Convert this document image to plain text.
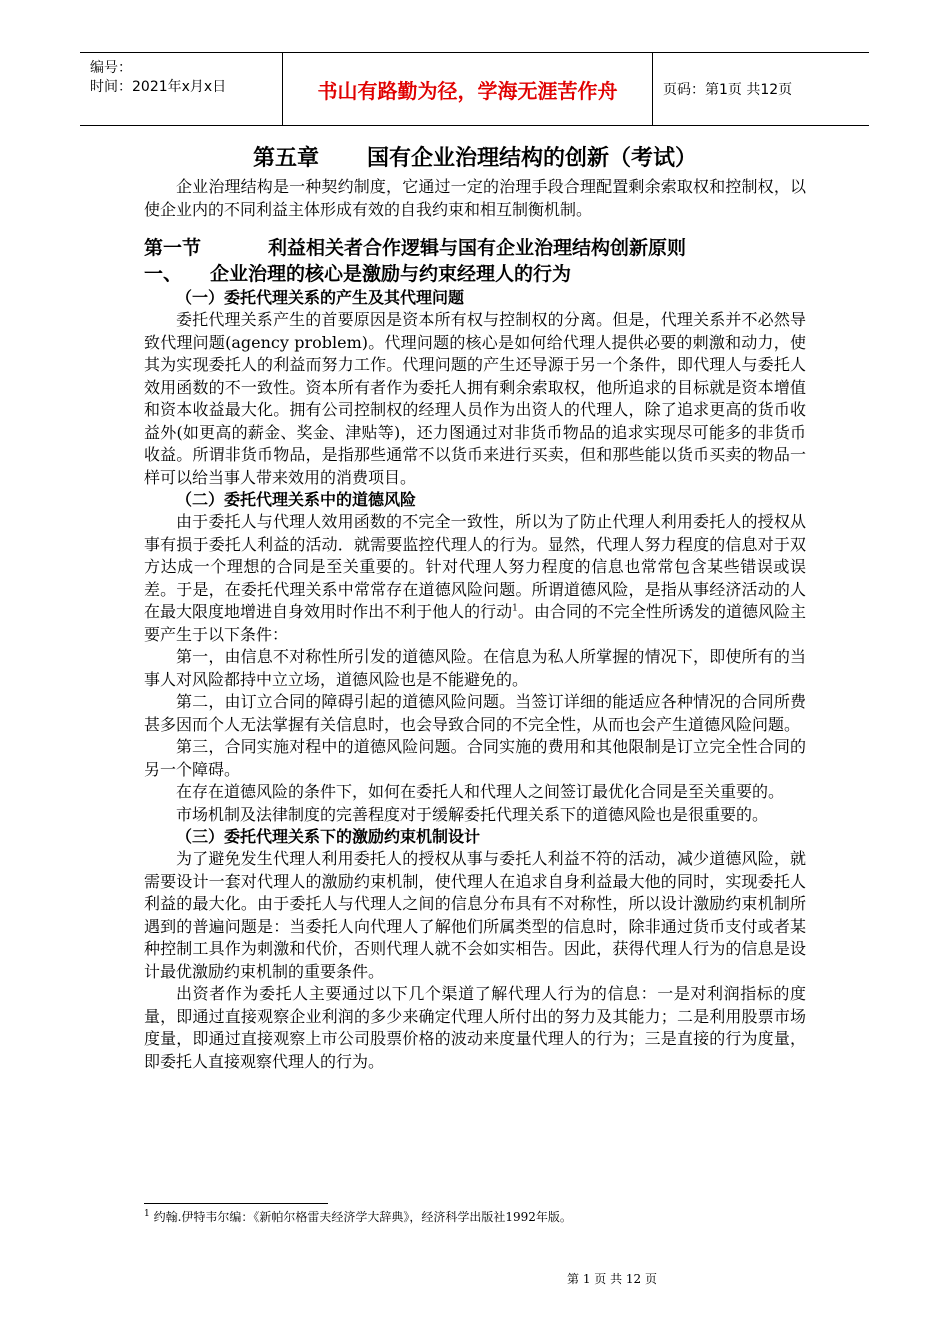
编号：
时间：2021年x月x日	书山有路勤为径，学海无涯苦作舟	页码：第1页 共12页
第五章 国有企业治理结构的创新（考试）

企业治理结构是一种契约制度，它通过一定的治理手段合理配置剩余索取权和控制权，以使企业内的不同利益主体形成有效的自我约束和相互制衡机制。

第一节	利益相关者合作逻辑与国有企业治理结构创新原则
一、	企业治理的核心是激励与约束经理人的行为
（一）委托代理关系的产生及其代理问题

委托代理关系产生的首要原因是资本所有权与控制权的分离。但是，代理关系并不必然导致代理问题(agency problem)。代理问题的核心是如何给代理人提供必要的刺激和动力，使其为实现委托人的利益而努力工作。代理问题的产生还导源于另一个条件，即代理人与委托人效用函数的不一致性。资本所有者作为委托人拥有剩余索取权，他所追求的目标就是资本增值和资本收益最大化。拥有公司控制权的经理人员作为出资人的代理人，除了追求更高的货币收益外(如更高的薪金、奖金、津贴等)，还力图通过对非货币物品的追求实现尽可能多的非货币收益。所谓非货币物品，是指那些通常不以货币来进行买卖，但和那些能以货币买卖的物品一样可以给当事人带来效用的消费项目。

（二）委托代理关系中的道德风险

由于委托人与代理人效用函数的不完全一致性，所以为了防止代理人利用委托人的授权从事有损于委托人利益的活动．就需要监控代理人的行为。显然，代理人努力程度的信息对于双方达成一个理想的合同是至关重要的。针对代理人努力程度的信息也常常包含某些错误或误差。于是，在委托代理关系中常常存在道德风险问题。所谓道德风险，是指从事经济活动的人在最大限度地增进自身效用时作出不利于他人的行动$^1$。由合同的不完全性所诱发的道德风险主要产生于以下条件：

第一，由信息不对称性所引发的道德风险。在信息为私人所掌握的情况下，即使所有的当事人对风险都持中立立场，道德风险也是不能避免的。

第二，由订立合同的障碍引起的道德风险问题。当签订详细的能适应各种情况的合同所费甚多因而个人无法掌握有关信息时，也会导致合同的不完全性，从而也会产生道德风险问题。

第三，合同实施对程中的道德风险问题。合同实施的费用和其他限制是订立完全性合同的另一个障碍。

在存在道德风险的条件下，如何在委托人和代理人之间签订最优化合同是至关重要的。

市场机制及法律制度的完善程度对于缓解委托代理关系下的道德风险也是很重要的。

（三）委托代理关系下的激励约束机制设计

为了避免发生代理人利用委托人的授权从事与委托人利益不符的活动，减少道德风险，就需要设计一套对代理人的激励约束机制，使代理人在追求自身利益最大他的同时，实现委托人利益的最大化。由于委托人与代理人之间的信息分布具有不对称性，所以设计激励约束机制所遇到的普遍问题是：当委托人向代理人了解他们所属类型的信息时，除非通过货币支付或者某种控制工具作为刺激和代价，否则代理人就不会如实相告。因此，获得代理人行为的信息是设计最优激励约束机制的重要条件。

出资者作为委托人主要通过以下几个渠道了解代理人行为的信息：一是对利润指标的度量，即通过直接观察企业利润的多少来确定代理人所付出的努力及其能力；二是利用股票市场度量，即通过直接观察上市公司股票价格的波动来度量代理人的行为；三是直接的行为度量，即委托人直接观察代理人的行为。

$^1$ 约翰.伊特韦尔编：《新帕尔格雷夫经济学大辞典》，经济科学出版社1992年版。
第 1 页 共 12 页
